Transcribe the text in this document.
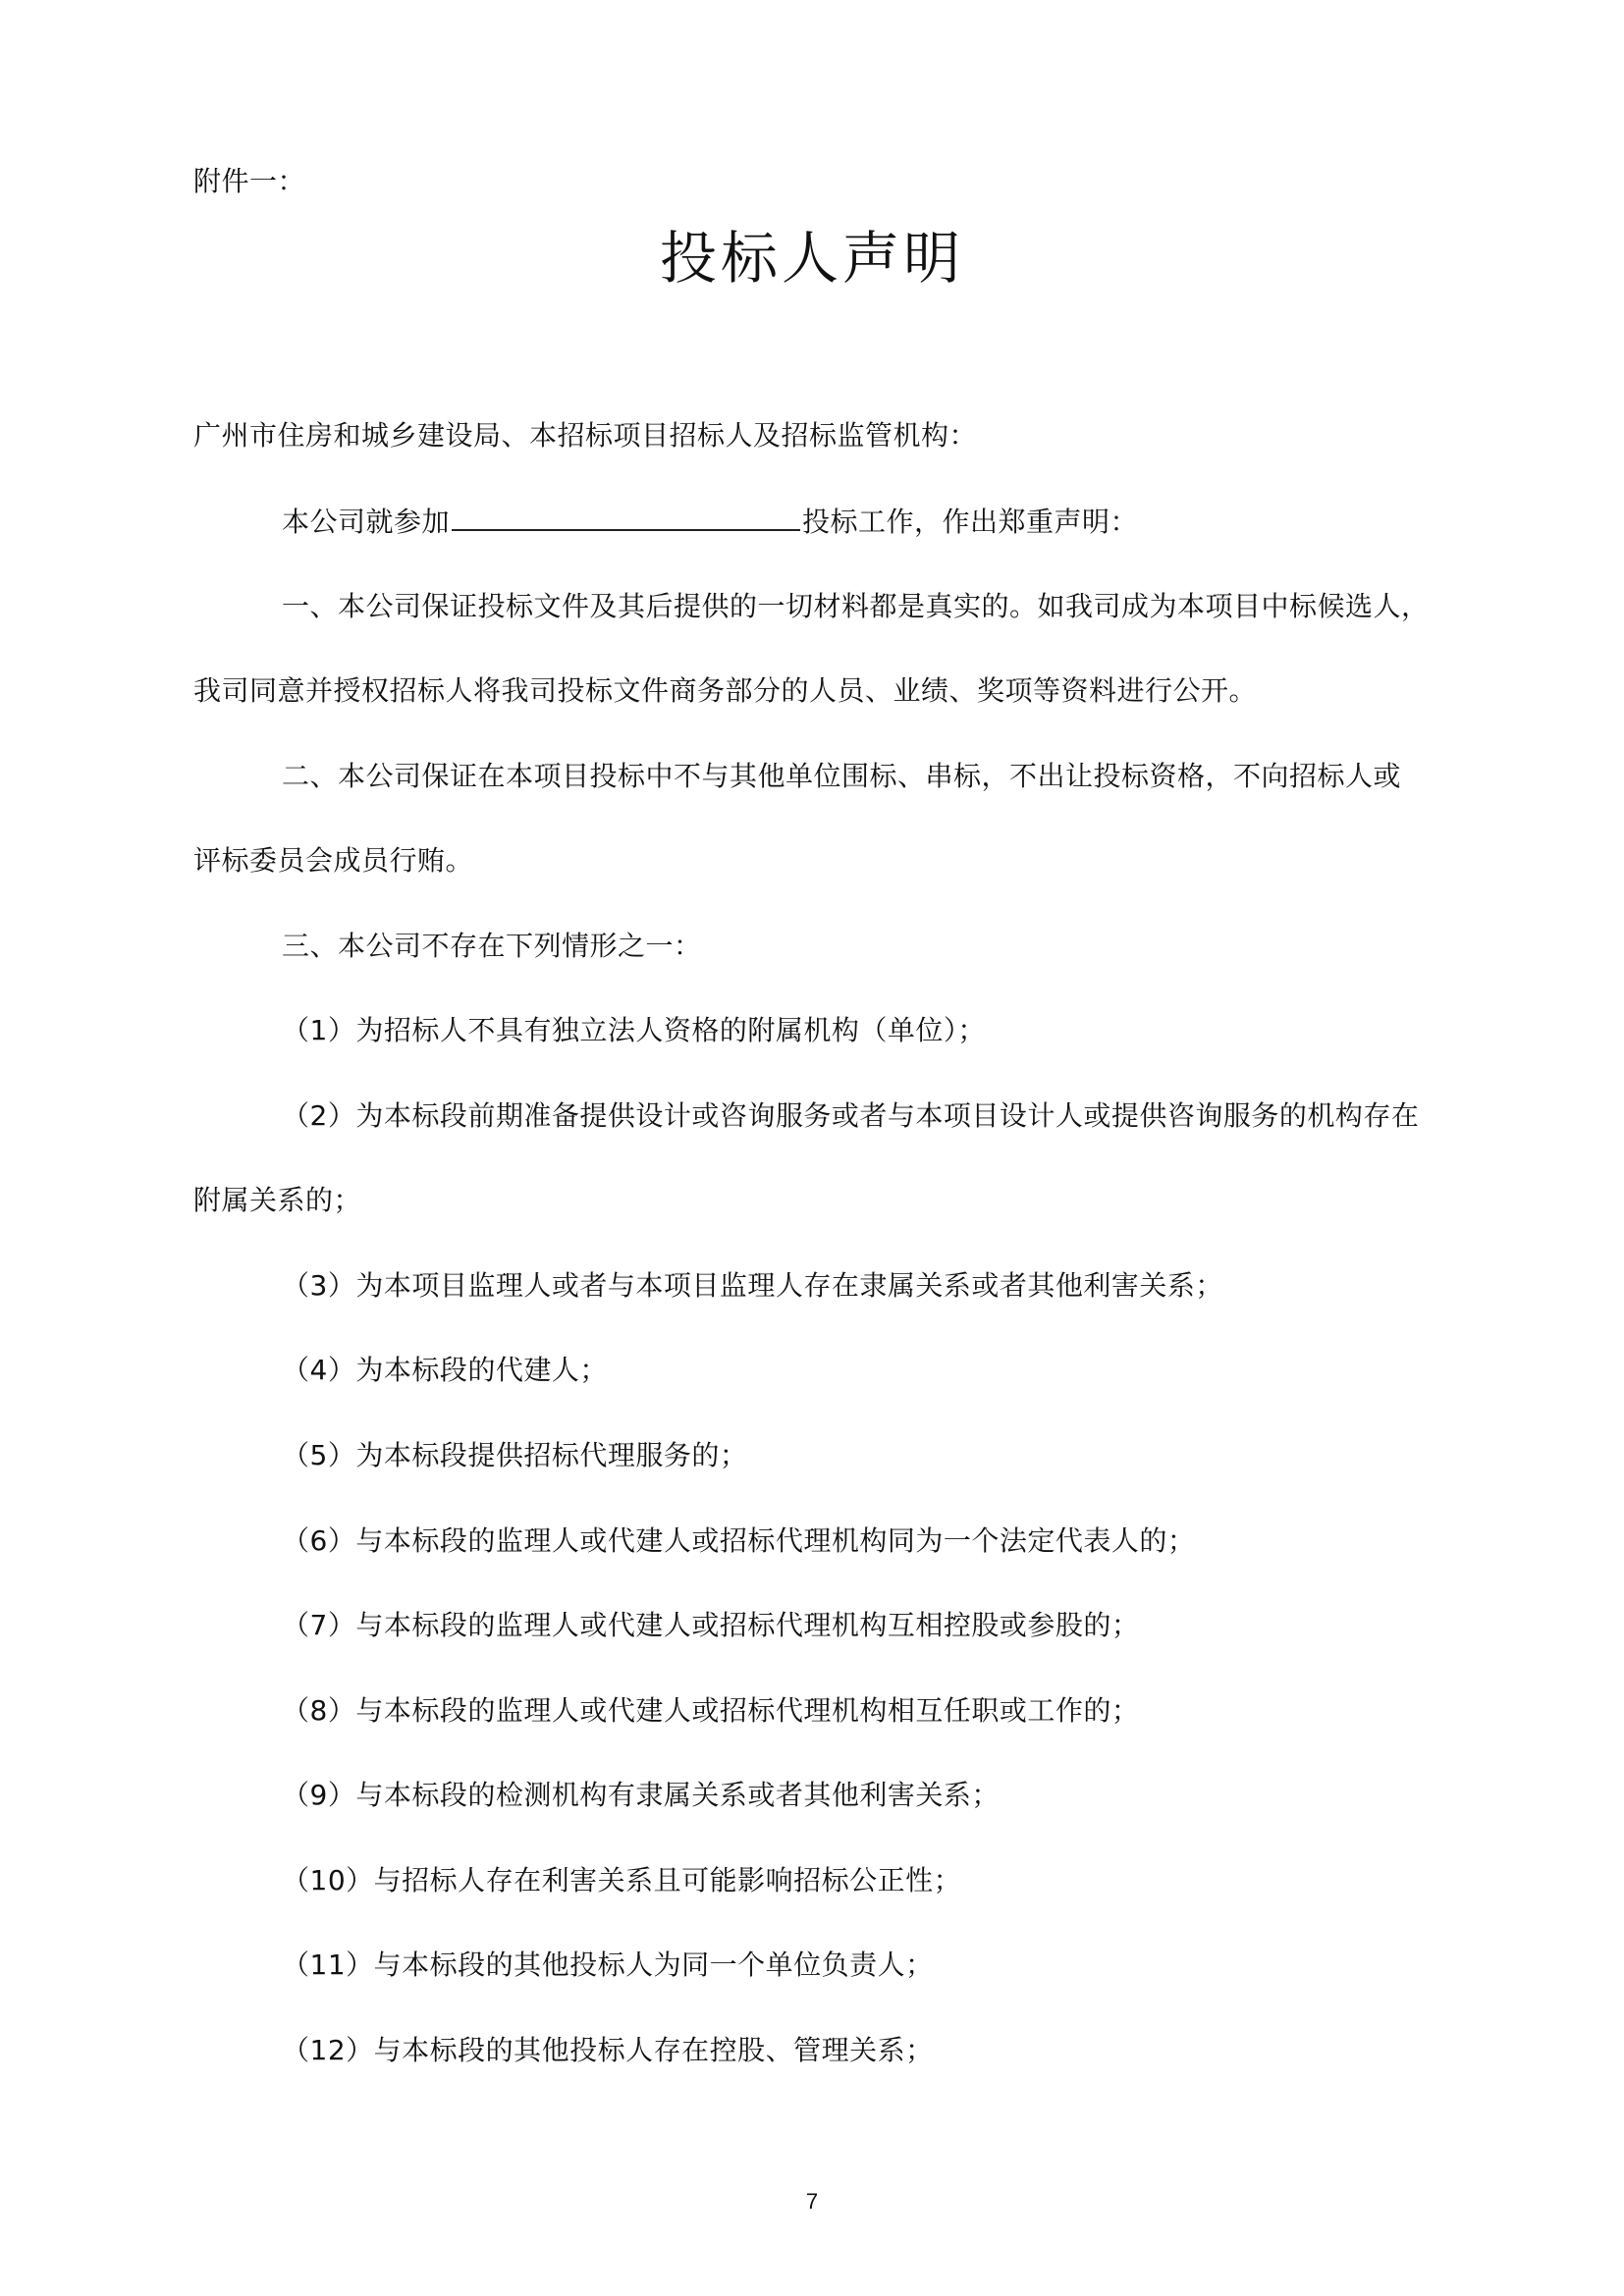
附件一：
投标人声明
广州市住房和城乡建设局、本招标项目招标人及招标监管机构：
本公司就参加	投标工作，作出郑重声明：
一、本公司保证投标文件及其后提供的一切材料都是真实的。如我司成为本项目中标候选人，
我司同意并授权招标人将我司投标文件商务部分的人员、业绩、奖项等资料进行公开。
二、本公司保证在本项目投标中不与其他单位围标、串标，不出让投标资格，不向招标人或
评标委员会成员行贿。
三、本公司不存在下列情形之一：
（1）为招标人不具有独立法人资格的附属机构（单位）；
（2）为本标段前期准备提供设计或咨询服务或者与本项目设计人或提供咨询服务的机构存在
附属关系的；
（3）为本项目监理人或者与本项目监理人存在隶属关系或者其他利害关系；
（4）为本标段的代建人；
（5）为本标段提供招标代理服务的；
（6）与本标段的监理人或代建人或招标代理机构同为一个法定代表人的；
（7）与本标段的监理人或代建人或招标代理机构互相控股或参股的；
（8）与本标段的监理人或代建人或招标代理机构相互任职或工作的；
（9）与本标段的检测机构有隶属关系或者其他利害关系；
（10）与招标人存在利害关系且可能影响招标公正性；
（11）与本标段的其他投标人为同一个单位负责人；
（12）与本标段的其他投标人存在控股、管理关系；
7
